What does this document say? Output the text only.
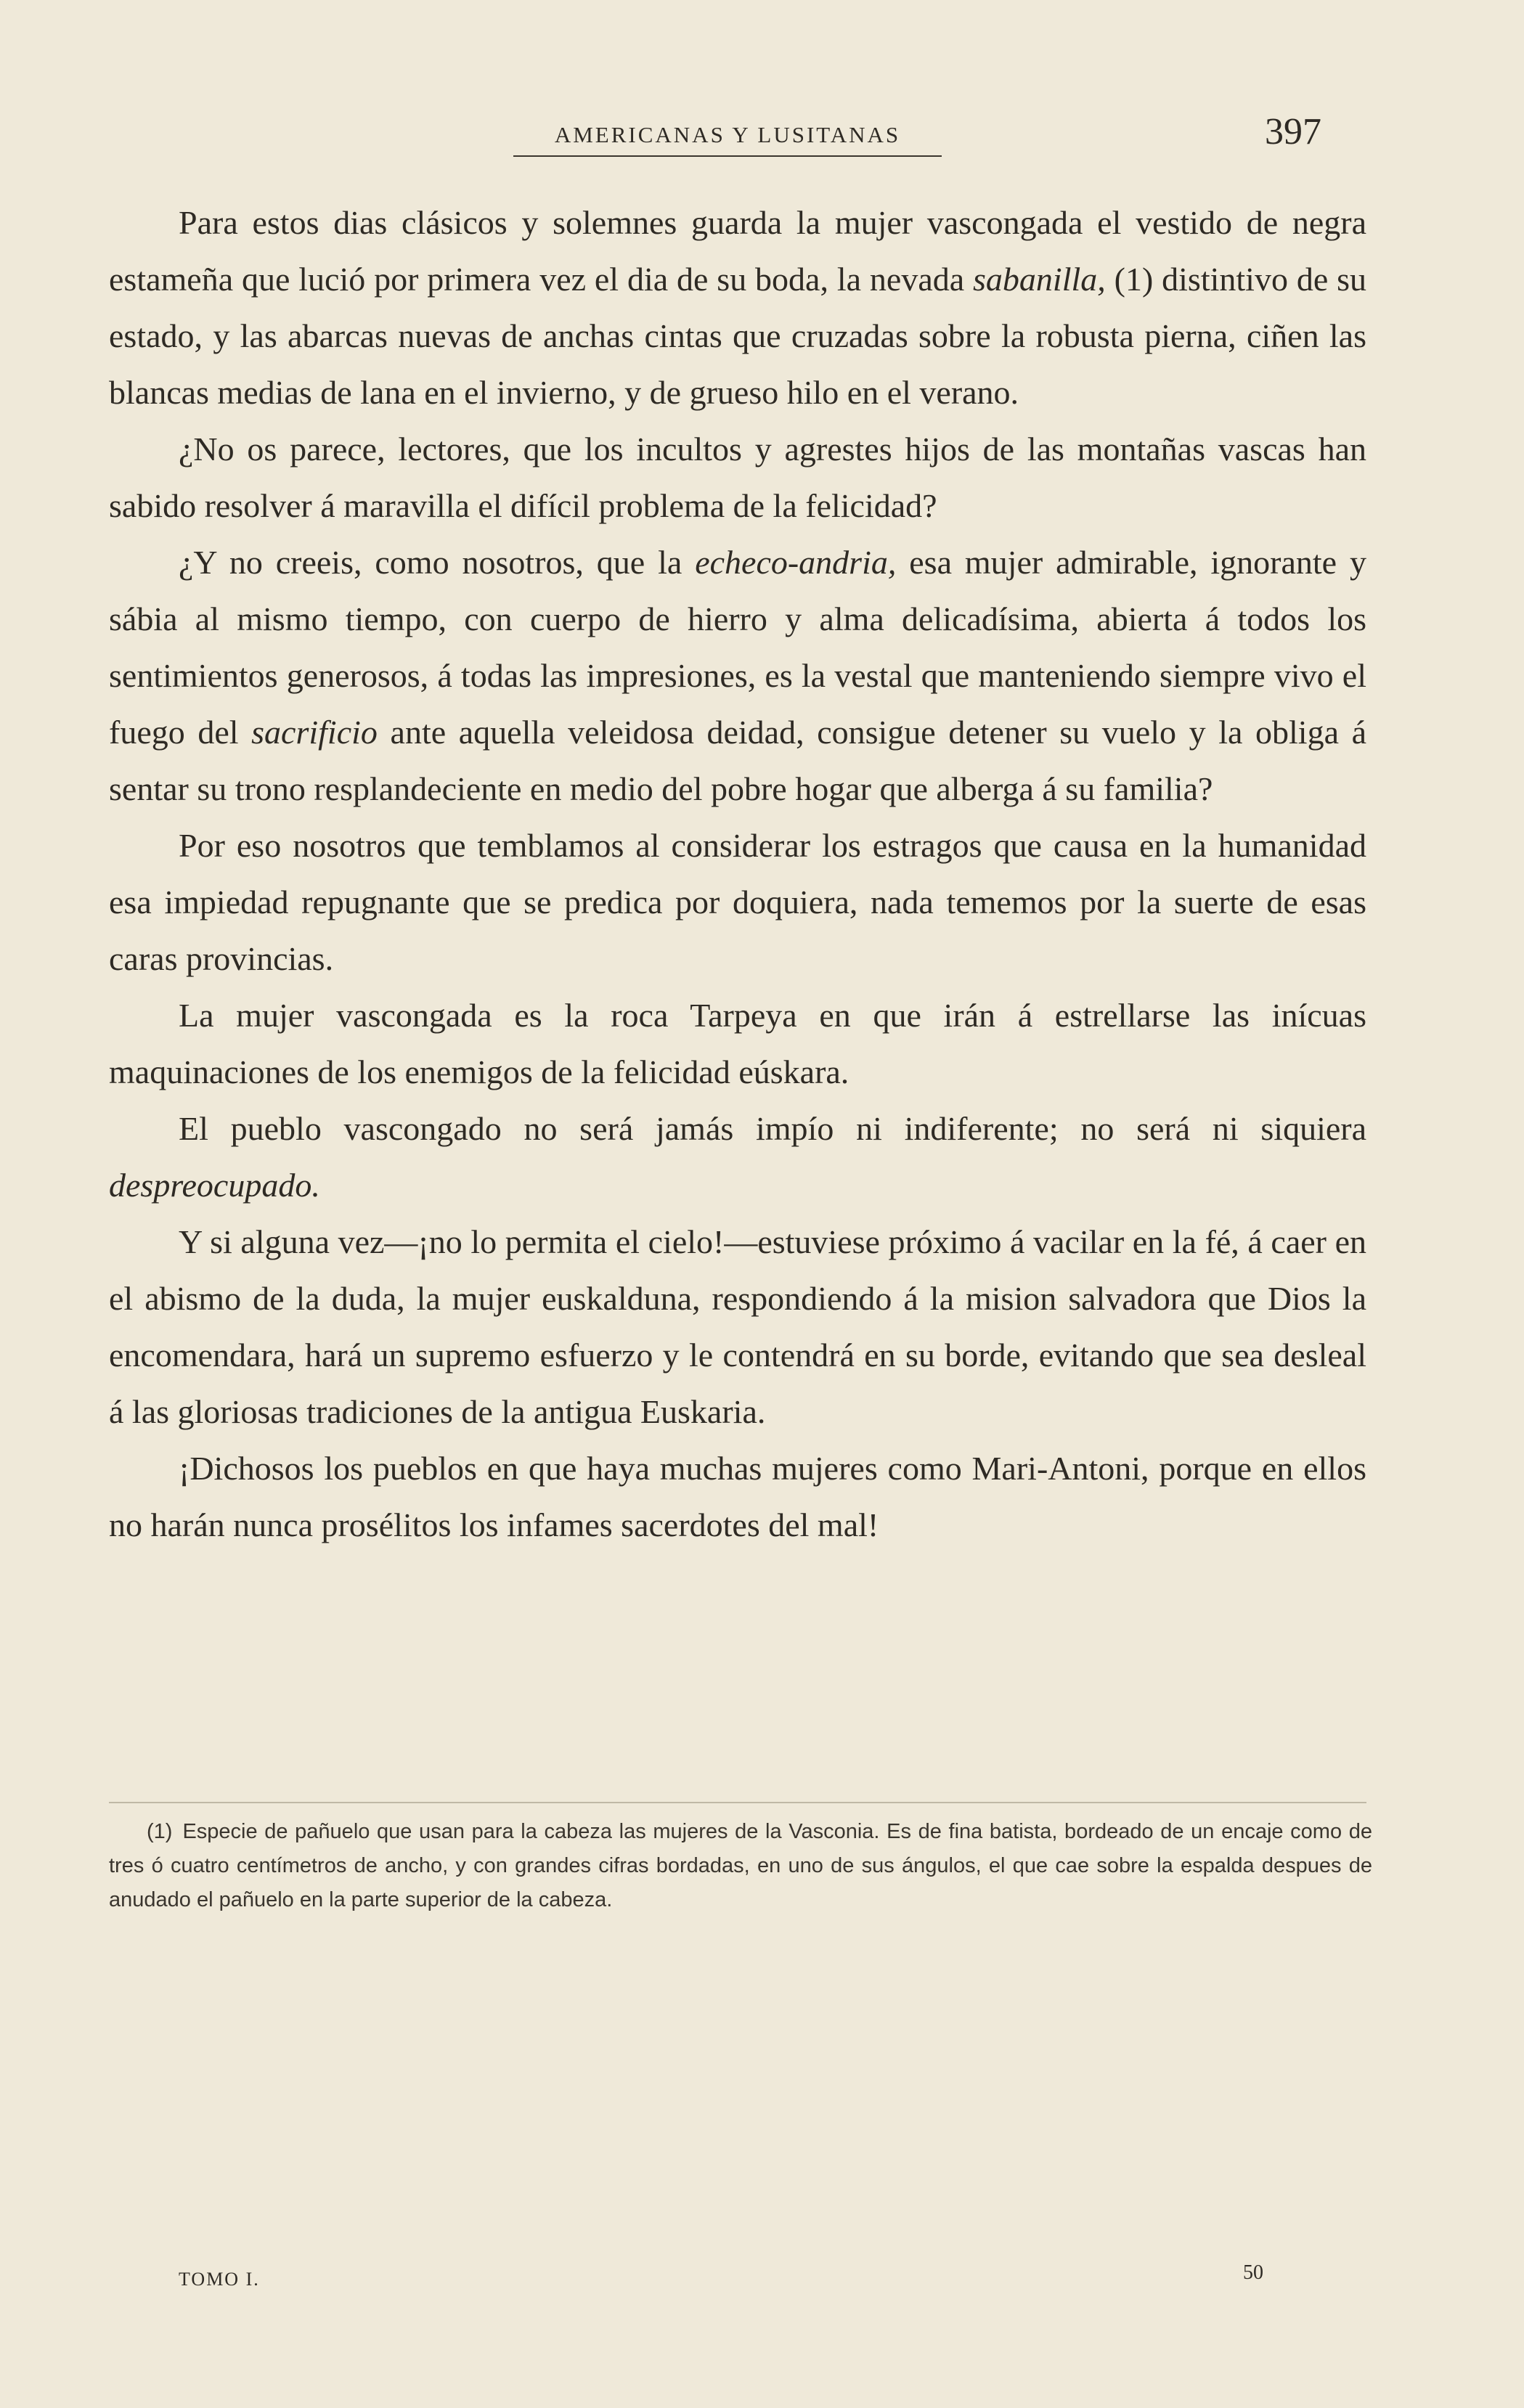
AMERICANAS Y LUSITANAS	397

Para estos dias clásicos y solemnes guarda la mujer vascongada el vestido de negra estameña que lució por primera vez el dia de su boda, la nevada sabanilla, (1) distintivo de su estado, y las abarcas nuevas de anchas cintas que cruzadas sobre la robusta pierna, ciñen las blancas medias de lana en el invierno, y de grueso hilo en el verano.

¿No os parece, lectores, que los incultos y agrestes hijos de las montañas vascas han sabido resolver á maravilla el difícil problema de la felicidad?

¿Y no creeis, como nosotros, que la echeco-andria, esa mujer admirable, ignorante y sábia al mismo tiempo, con cuerpo de hierro y alma delicadísima, abierta á todos los sentimientos generosos, á todas las impresiones, es la vestal que manteniendo siempre vivo el fuego del sacrificio ante aquella veleidosa deidad, consigue detener su vuelo y la obliga á sentar su trono resplandeciente en medio del pobre hogar que alberga á su familia?

Por eso nosotros que temblamos al considerar los estragos que causa en la humanidad esa impiedad repugnante que se predica por doquiera, nada tememos por la suerte de esas caras provincias.

La mujer vascongada es la roca Tarpeya en que irán á estrellarse las inícuas maquinaciones de los enemigos de la felicidad eúskara.

El pueblo vascongado no será jamás impío ni indiferente; no será ni siquiera despreocupado.

Y si alguna vez—¡no lo permita el cielo!—estuviese próximo á vacilar en la fé, á caer en el abismo de la duda, la mujer euskalduna, respondiendo á la mision salvadora que Dios la encomendara, hará un supremo esfuerzo y le contendrá en su borde, evitando que sea desleal á las gloriosas tradiciones de la antigua Euskaria.

¡Dichosos los pueblos en que haya muchas mujeres como Mari-Antoni, porque en ellos no harán nunca prosélitos los infames sacerdotes del mal!

(1) Especie de pañuelo que usan para la cabeza las mujeres de la Vasconia. Es de fina batista, bordeado de un encaje como de tres ó cuatro centímetros de ancho, y con grandes cifras bordadas, en uno de sus ángulos, el que cae sobre la espalda despues de anudado el pañuelo en la parte superior de la cabeza.
TOMO I.	50
